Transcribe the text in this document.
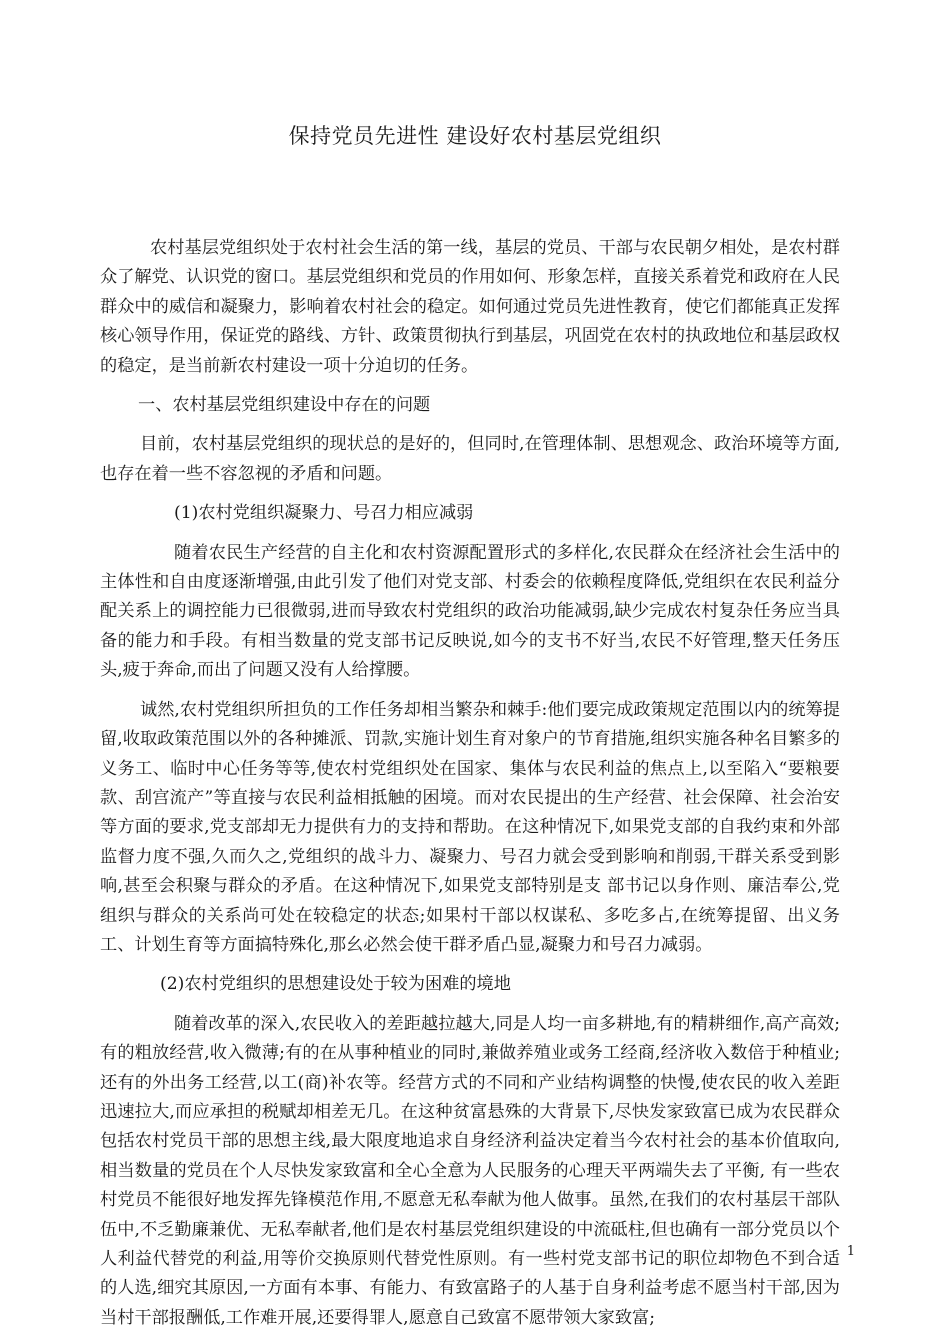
保持党员先进性 建设好农村基层党组织

农村基层党组织处于农村社会生活的第一线，基层的党员、干部与农民朝夕相处，是农村群众了解党、认识党的窗口。基层党组织和党员的作用如何、形象怎样，直接关系着党和政府在人民群众中的威信和凝聚力，影响着农村社会的稳定。如何通过党员先进性教育，使它们都能真正发挥核心领导作用，保证党的路线、方针、政策贯彻执行到基层，巩固党在农村的执政地位和基层政权的稳定，是当前新农村建设一项十分迫切的任务。

一、农村基层党组织建设中存在的问题

目前，农村基层党组织的现状总的是好的，但同时,在管理体制、思想观念、政治环境等方面,也存在着一些不容忽视的矛盾和问题。

(1)农村党组织凝聚力、号召力相应减弱

随着农民生产经营的自主化和农村资源配置形式的多样化,农民群众在经济社会生活中的主体性和自由度逐渐增强,由此引发了他们对党支部、村委会的依赖程度降低,党组织在农民利益分配关系上的调控能力已很微弱,进而导致农村党组织的政治功能减弱,缺少完成农村复杂任务应当具备的能力和手段。有相当数量的党支部书记反映说,如今的支书不好当,农民不好管理,整天任务压头,疲于奔命,而出了问题又没有人给撑腰。

诚然,农村党组织所担负的工作任务却相当繁杂和棘手:他们要完成政策规定范围以内的统筹提留,收取政策范围以外的各种摊派、罚款,实施计划生育对象户的节育措施,组织实施各种名目繁多的义务工、临时中心任务等等,使农村党组织处在国家、集体与农民利益的焦点上,以至陷入“要粮要款、刮宫流产”等直接与农民利益相抵触的困境。而对农民提出的生产经营、社会保障、社会治安等方面的要求,党支部却无力提供有力的支持和帮助。在这种情况下,如果党支部的自我约束和外部监督力度不强,久而久之,党组织的战斗力、凝聚力、号召力就会受到影响和削弱,干群关系受到影响,甚至会积聚与群众的矛盾。在这种情况下,如果党支部特别是支 部书记以身作则、廉洁奉公,党组织与群众的关系尚可处在较稳定的状态;如果村干部以权谋私、多吃多占,在统筹提留、出义务工、计划生育等方面搞特殊化,那幺必然会使干群矛盾凸显,凝聚力和号召力减弱。

(2)农村党组织的思想建设处于较为困难的境地

随着改革的深入,农民收入的差距越拉越大,同是人均一亩多耕地,有的精耕细作,高产高效;有的粗放经营,收入微薄;有的在从事种植业的同时,兼做养殖业或务工经商,经济收入数倍于种植业;还有的外出务工经营,以工(商)补农等。经营方式的不同和产业结构调整的快慢,使农民的收入差距迅速拉大,而应承担的税赋却相差无几。在这种贫富悬殊的大背景下,尽快发家致富已成为农民群众包括农村党员干部的思想主线,最大限度地追求自身经济利益决定着当今农村社会的基本价值取向,相当数量的党员在个人尽快发家致富和全心全意为人民服务的心理天平两端失去了平衡, 有一些农村党员不能很好地发挥先锋模范作用,不愿意无私奉献为他人做事。虽然,在我们的农村基层干部队伍中,不乏勤廉兼优、无私奉献者,他们是农村基层党组织建设的中流砥柱,但也确有一部分党员以个人利益代替党的利益,用等价交换原则代替党性原则。有一些村党支部书记的职位却物色不到合适的人选,细究其原因,一方面有本事、有能力、有致富路子的人基于自身利益考虑不愿当村干部,因为当村干部报酬低,工作难开展,还要得罪人,愿意自己致富不愿带领大家致富;

1
